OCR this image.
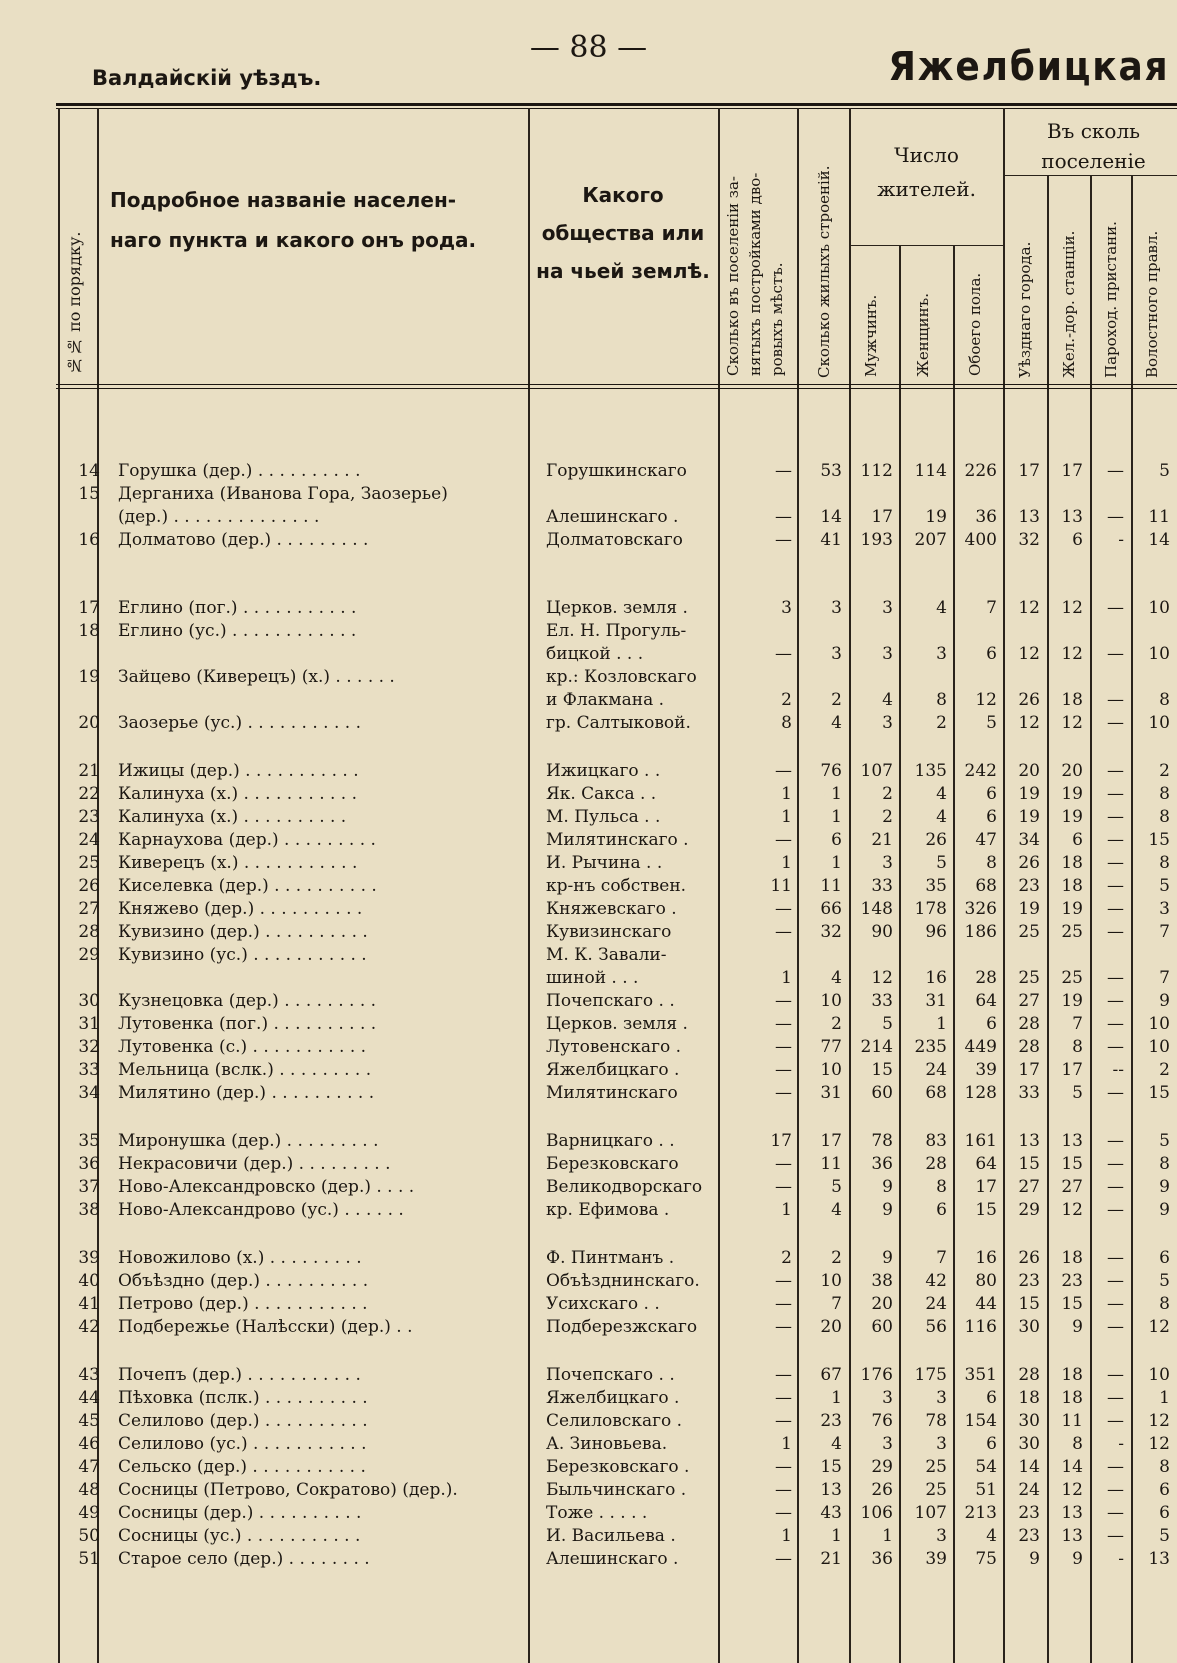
— 88 —
Валдайскій уѣздъ.	Яжелбицкая
№№ по порядку.
Подробное названіе населен-
наго пункта и какого онъ рода.
Какого
общества или
на чьей землѣ. Сколько въ поселеніи за- нятыхъ постройками дво- ровыхъ мѣстъ. Сколько жилыхъ строеній.
Число
жителей.
Мужчинъ. Женщинъ. Обоего пола.
Въ сколь
поселеніе
Уѣзднаго города. Жел.-дор. станціи. Пароход. пристани. Волостного правл.
14 Горушка (дер.) . . . . . . . . . .	Горушкинскаго	— 53 112 114 226 17 17 — 5
15 Дерганиха (Иванова Гора, Заозерье)
(дер.) . . . . . . . . . . . . . .	Алешинскаго .	— 14 17 19 36 13 13 — 11
16 Долматово (дер.) . . . . . . . . .	Долматовскаго	— 41 193 207 400 32 6 - 14
17 Еглино (пог.) . . . . . . . . . . .	Церков. земля .	3 3 3	4 7 12 12 — 10
18 Еглино (ус.) . . . . . . . . . . . .	Ел. Н. Прогуль-
бицкой . . .	— 3 3	3 6 12 12 — 10
19 Зайцево (Киверецъ) (х.) . . . . . .	кр.: Козловскаго
и Флакмана .	2 2 4	8 12 26 18 — 8
20 Заозерье (ус.) . . . . . . . . . . .	гр. Салтыковой.	8 4 3	2 5 12 12 — 10
21 Ижицы (дер.) . . . . . . . . . . .	Ижицкаго . .	— 76 107 135 242 20 20 — 2
22 Калинуха (х.) . . . . . . . . . . .	Як. Сакса . .	1 1 2	4 6 19 19 — 8
23 Калинуха (х.) . . . . . . . . . .	М. Пульса . .	1 1 2	4 6 19 19 — 8
24 Карнаухова (дер.) . . . . . . . . .	Милятинскаго .	— 6 21 26 47 34 6 — 15
25 Киверецъ (х.) . . . . . . . . . . .	И. Рычина . .	1 1 3	5 8 26 18 — 8
26 Киселевка (дер.) . . . . . . . . . .	кр-нъ собствен.	11 11 33 35 68 23 18 — 5
27 Княжево (дер.) . . . . . . . . . .	Княжевскаго .	— 66 148 178 326 19 19 — 3
28 Кувизино (дер.) . . . . . . . . . .	Кувизинскаго	— 32 90 96 186 25 25 — 7
29 Кувизино (ус.) . . . . . . . . . . .	М. К. Завали-
шиной . . .	1 4 12 16 28 25 25 — 7
30 Кузнецовка (дер.) . . . . . . . . .	Почепскаго . .	— 10 33 31 64 27 19 — 9
31 Лутовенка (пог.) . . . . . . . . . .	Церков. земля .	— 2 5	1 6 28 7 — 10
32 Лутовенка (с.) . . . . . . . . . . .	Лутовенскаго .	— 77 214 235 449 28 8 — 10
33 Мельница (вслк.) . . . . . . . . .	Яжелбицкаго .	— 10 15 24 39 17 17 -- 2
34 Милятино (дер.) . . . . . . . . . .	Милятинскаго	— 31 60 68 128 33 5 — 15
35 Миронушка (дер.) . . . . . . . . .	Варницкаго . .	17 17 78 83 161 13 13 — 5
36 Некрасовичи (дер.) . . . . . . . . .	Березковскаго	— 11 36 28 64 15 15 — 8
37 Ново-Александровско (дер.) . . . .	Великодворскаго	— 5 9	8 17 27 27 — 9
38 Ново-Александрово (ус.) . . . . . .	кр. Ефимова .	1 4 9	6 15 29 12 — 9
39 Новожилово (х.) . . . . . . . . .	Ф. Пинтманъ .	2 2 9	7 16 26 18 — 6
40 Объѣздно (дер.) . . . . . . . . . .	Объѣзднинскаго.	— 10 38 42 80 23 23 — 5
41 Петрово (дер.) . . . . . . . . . . .	Усихскаго . .	— 7 20 24 44 15 15 — 8
42 Подбережье (Налѣсски) (дер.) . .	Подберезжскаго	— 20 60 56 116 30 9 — 12
43 Почепъ (дер.) . . . . . . . . . . .	Почепскаго . .	— 67 176 175 351 28 18 — 10
44 Пѣховка (пслк.) . . . . . . . . . .	Яжелбицкаго .	— 1 3	3 6 18 18 — 1
45 Селилово (дер.) . . . . . . . . . .	Селиловскаго .	— 23 76 78 154 30 11 — 12
46 Селилово (ус.) . . . . . . . . . . .	А. Зиновьева.	1 4 3	3 6 30 8 - 12
47 Сельско (дер.) . . . . . . . . . . .	Березковскаго .	— 15 29 25 54 14 14 — 8
48 Сосницы (Петрово, Сократово) (дер.).	Быльчинскаго .	— 13 26 25 51 24 12 — 6
49 Сосницы (дер.) . . . . . . . . . .	Тоже . . . . .	— 43 106 107 213 23 13 — 6
50 Сосницы (ус.) . . . . . . . . . . .	И. Васильева .	1 1 1	3 4 23 13 — 5
51 Старое село (дер.) . . . . . . . .	Алешинскаго .	— 21 36 39 75 9 9 - 13
